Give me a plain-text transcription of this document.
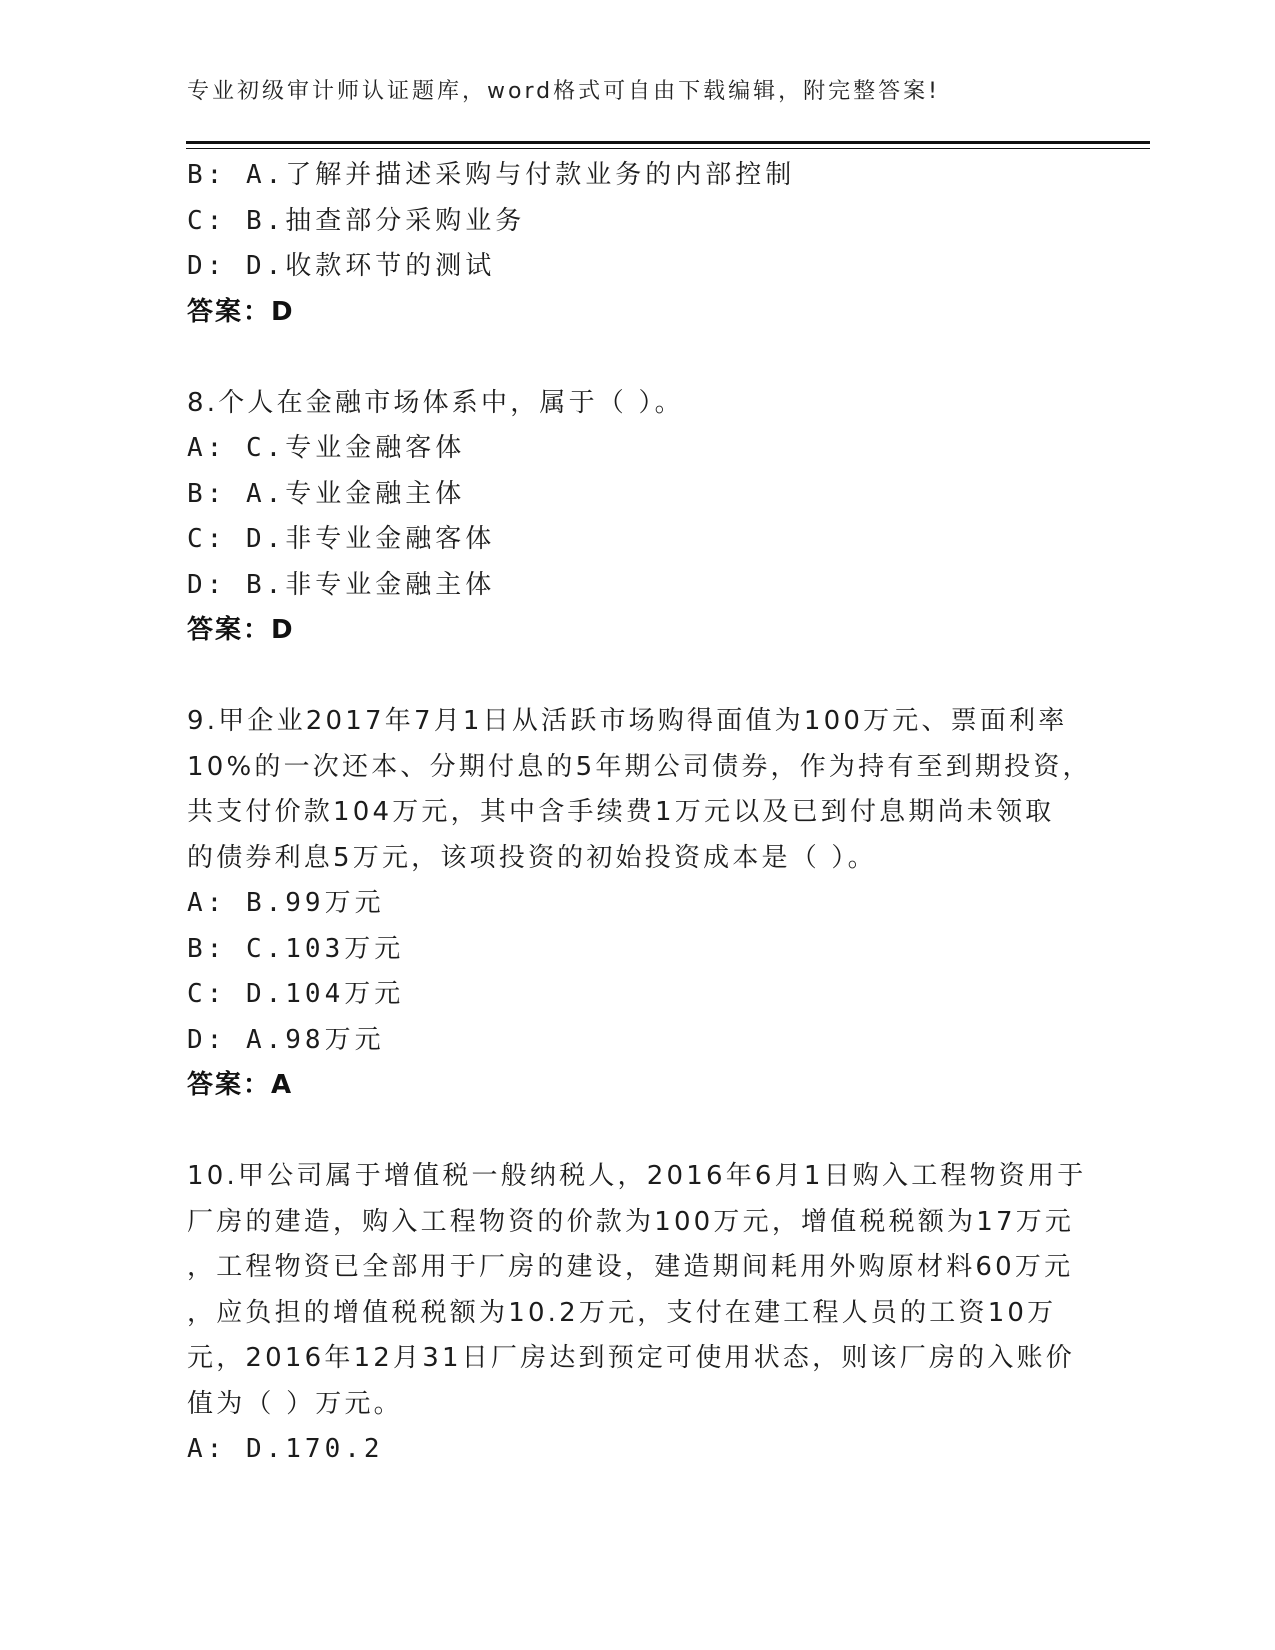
专业初级审计师认证题库，word格式可自由下载编辑，附完整答案!
B: A.了解并描述采购与付款业务的内部控制
C: B.抽查部分采购业务
D: D.收款环节的测试
答案：D
8.个人在金融市场体系中，属于（ ）。
A: C.专业金融客体
B: A.专业金融主体
C: D.非专业金融客体
D: B.非专业金融主体
答案：D
9.甲企业2017年7月1日从活跃市场购得面值为100万元、票面利率
10%的一次还本、分期付息的5年期公司债券，作为持有至到期投资，
共支付价款104万元，其中含手续费1万元以及已到付息期尚未领取
的债券利息5万元，该项投资的初始投资成本是（ ）。
A: B.99万元
B: C.103万元
C: D.104万元
D: A.98万元
答案：A
10.甲公司属于增值税一般纳税人，2016年6月1日购入工程物资用于
厂房的建造，购入工程物资的价款为100万元，增值税税额为17万元
，工程物资已全部用于厂房的建设，建造期间耗用外购原材料60万元
，应负担的增值税税额为10.2万元，支付在建工程人员的工资10万
元，2016年12月31日厂房达到预定可使用状态，则该厂房的入账价
值为（ ）万元。
A: D.170.2
